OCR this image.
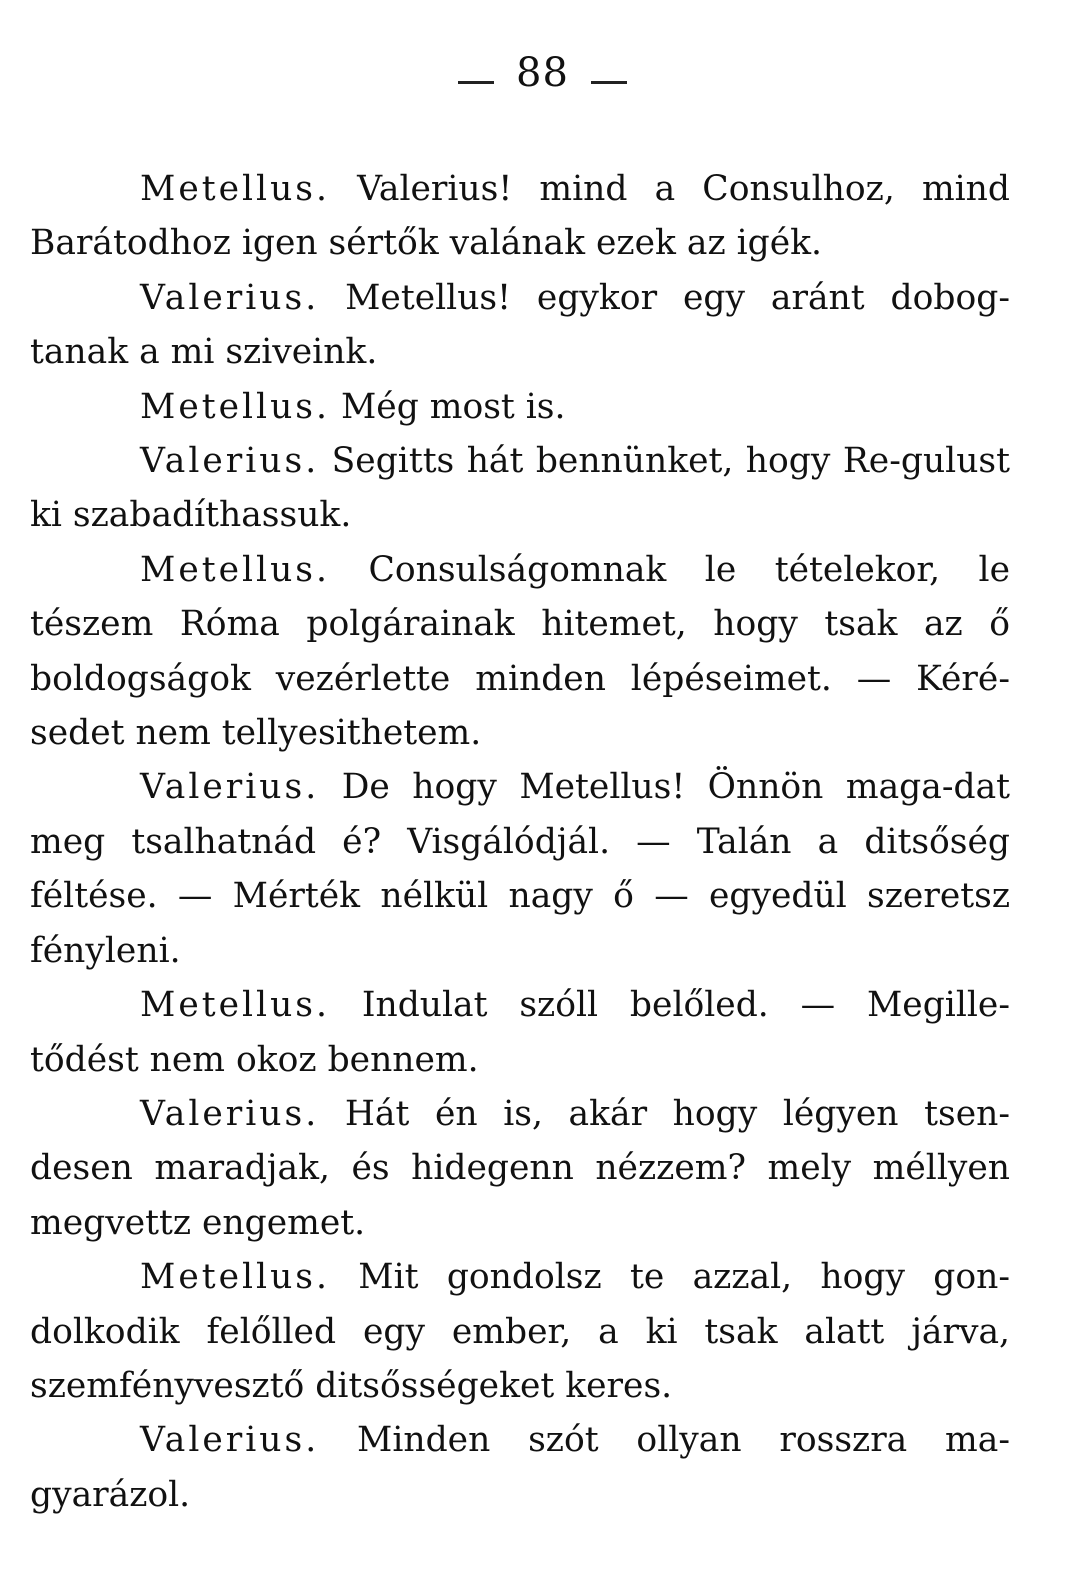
88

Metellus. Valerius! mind a Consulhoz, mind Barátodhoz igen sértők valának ezek az igék.

Valerius. Metellus! egykor egy aránt dobog-tanak a mi sziveink.

Metellus. Még most is.

Valerius. Segitts hát bennünket, hogy Re-gulust ki szabadíthassuk.

Metellus. Consulságomnak le tételekor, le tészem Róma polgárainak hitemet, hogy tsak az ő boldogságok vezérlette minden lépéseimet. — Kéré-sedet nem tellyesithetem.

Valerius. De hogy Metellus! Önnön maga-dat meg tsalhatnád é? Visgálódjál. — Talán a ditsőség féltése. — Mérték nélkül nagy ő — egyedül szeretsz fényleni.

Metellus. Indulat szóll belőled. — Megille-tődést nem okoz bennem.

Valerius. Hát én is, akár hogy légyen tsen-desen maradjak, és hidegenn nézzem? mely méllyen megvettz engemet.

Metellus. Mit gondolsz te azzal, hogy gon-dolkodik felőlled egy ember, a ki tsak alatt járva, szemfényvesztő ditsősségeket keres.

Valerius. Minden szót ollyan rosszra ma-gyarázol.
